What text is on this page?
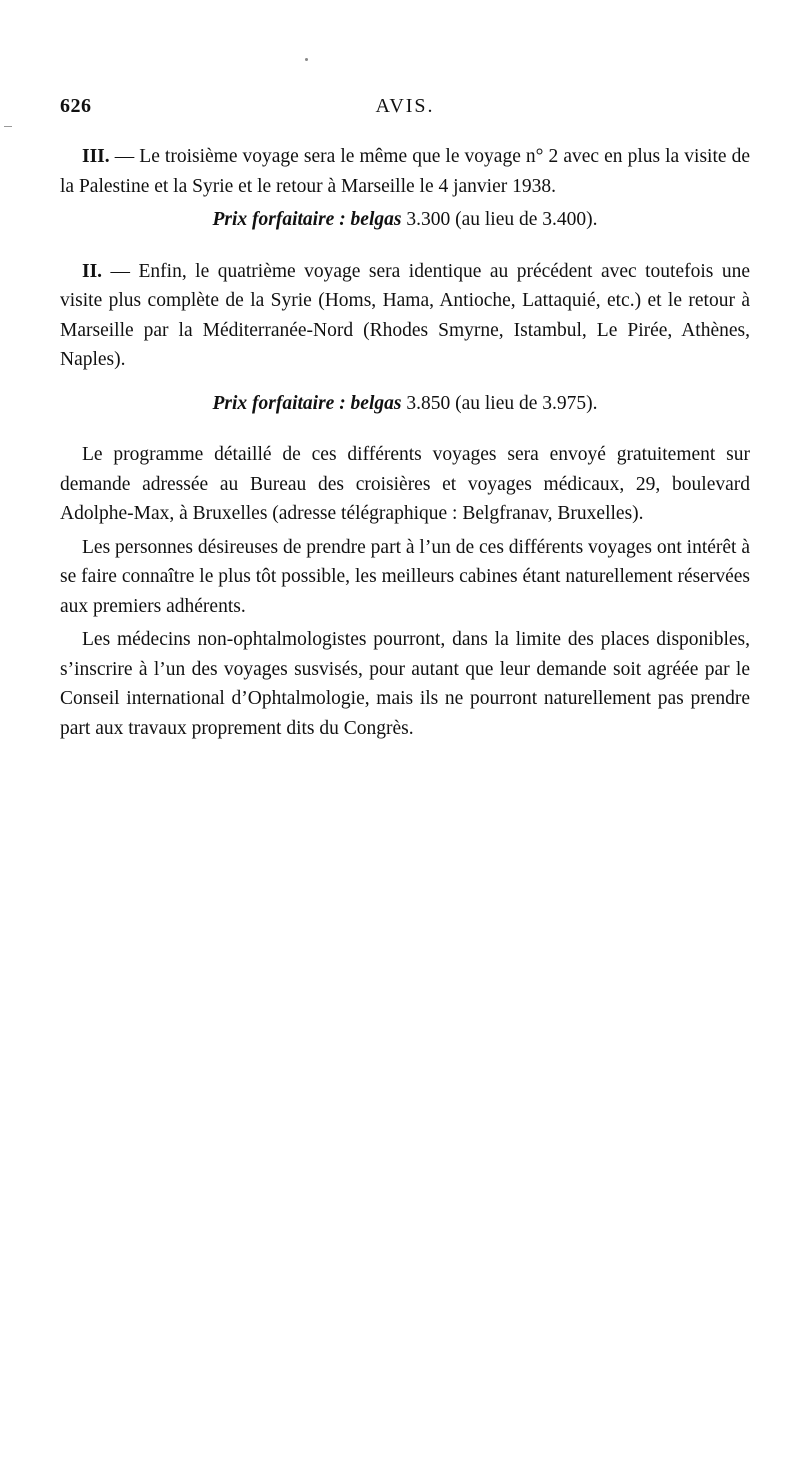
626	AVIS.

III. — Le troisième voyage sera le même que le voyage n° 2 avec en plus la visite de la Palestine et la Syrie et le retour à Marseille le 4 janvier 1938.

Prix forfaitaire : belgas 3.300 (au lieu de 3.400).

II. — Enfin, le quatrième voyage sera identique au précédent avec toutefois une visite plus complète de la Syrie (Homs, Hama, Antioche, Lattaquié, etc.) et le retour à Marseille par la Méditerranée-Nord (Rhodes Smyrne, Istambul, Le Pirée, Athènes, Naples).

Prix forfaitaire : belgas 3.850 (au lieu de 3.975).

Le programme détaillé de ces différents voyages sera envoyé gratuitement sur demande adressée au Bureau des croisières et voyages médicaux, 29, boulevard Adolphe-Max, à Bruxelles (adresse télégraphique : Belgfranav, Bruxelles).

Les personnes désireuses de prendre part à l’un de ces différents voyages ont intérêt à se faire connaître le plus tôt possible, les meilleurs cabines étant naturellement réservées aux premiers adhérents.

Les médecins non-ophtalmologistes pourront, dans la limite des places disponibles, s’inscrire à l’un des voyages susvisés, pour autant que leur demande soit agréée par le Conseil international d’Ophtalmologie, mais ils ne pourront naturellement pas prendre part aux travaux proprement dits du Congrès.
